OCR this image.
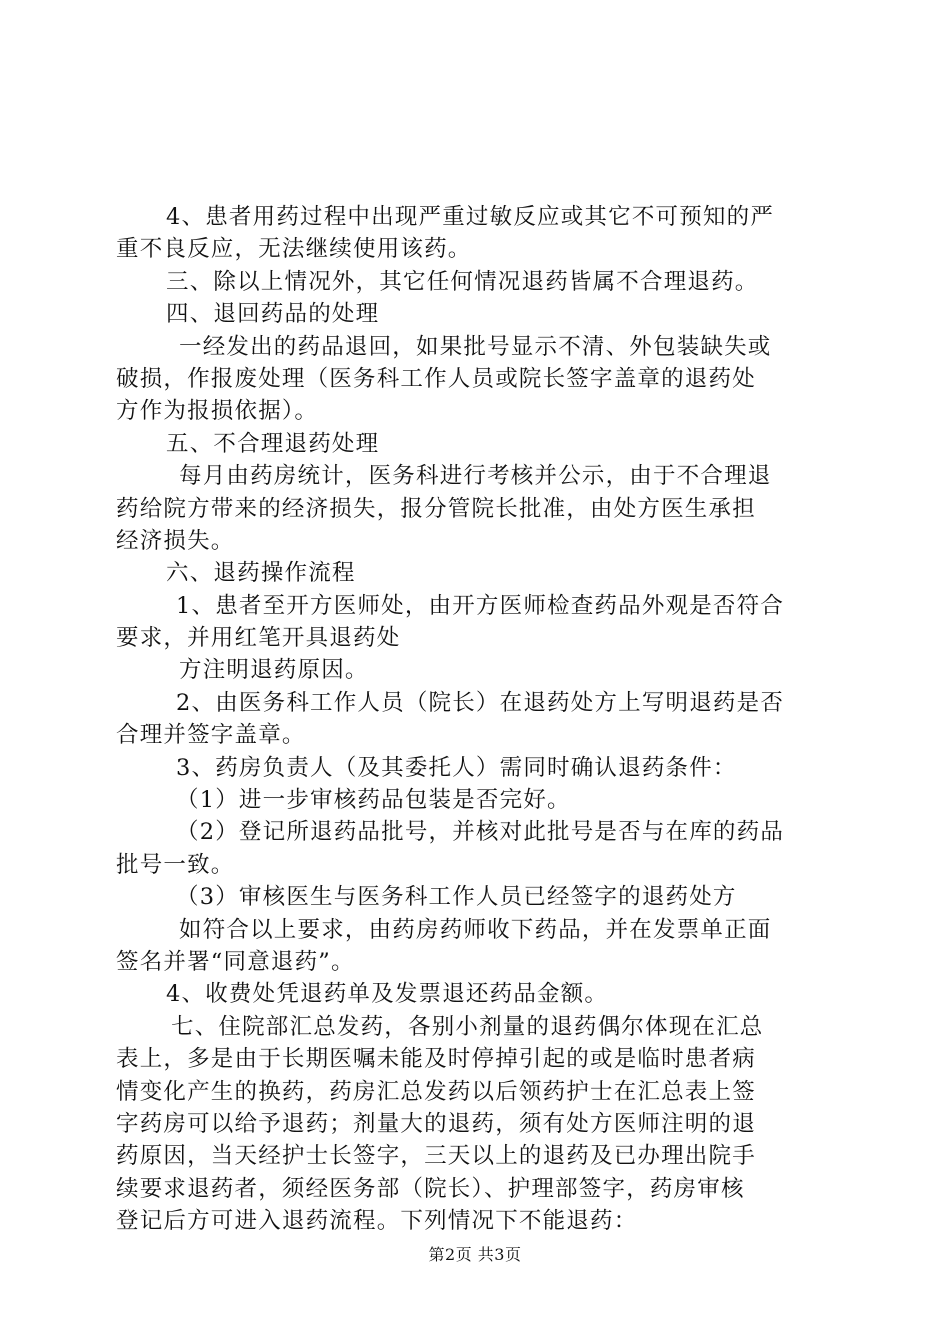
4、患者用药过程中出现严重过敏反应或其它不可预知的严
重不良反应，无法继续使用该药。
三、除以上情况外，其它任何情况退药皆属不合理退药。
四、退回药品的处理
一经发出的药品退回，如果批号显示不清、外包装缺失或
破损，作报废处理（医务科工作人员或院长签字盖章的退药处
方作为报损依据）。
五、不合理退药处理
每月由药房统计，医务科进行考核并公示，由于不合理退
药给院方带来的经济损失，报分管院长批准，由处方医生承担
经济损失。
六、退药操作流程
1、患者至开方医师处，由开方医师检查药品外观是否符合
要求，并用红笔开具退药处
方注明退药原因。
2、由医务科工作人员（院长）在退药处方上写明退药是否
合理并签字盖章。
3、药房负责人（及其委托人）需同时确认退药条件：
（1）进一步审核药品包装是否完好。
（2）登记所退药品批号，并核对此批号是否与在库的药品
批号一致。
（3）审核医生与医务科工作人员已经签字的退药处方
如符合以上要求，由药房药师收下药品，并在发票单正面
签名并署“同意退药”。
4、收费处凭退药单及发票退还药品金额。
七、住院部汇总发药，各别小剂量的退药偶尔体现在汇总
表上，多是由于长期医嘱未能及时停掉引起的或是临时患者病
情变化产生的换药，药房汇总发药以后领药护士在汇总表上签
字药房可以给予退药；剂量大的退药，须有处方医师注明的退
药原因，当天经护士长签字，三天以上的退药及已办理出院手
续要求退药者，须经医务部（院长）、护理部签字，药房审核
登记后方可进入退药流程。下列情况下不能退药：
第2页 共3页
